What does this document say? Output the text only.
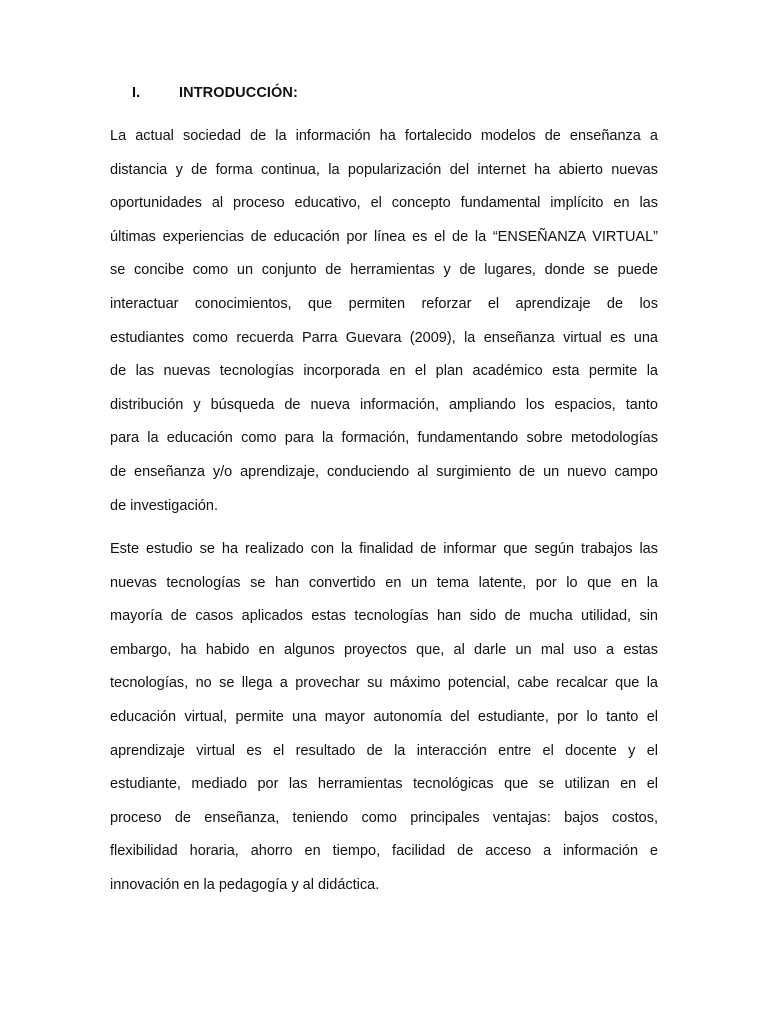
I.	INTRODUCCIÓN:
La actual sociedad de la información ha fortalecido modelos de enseñanza a
distancia y de forma continua, la popularización del internet ha abierto nuevas
oportunidades al proceso educativo, el concepto fundamental implícito en las
últimas experiencias de educación por línea es el de la “ENSEÑANZA VIRTUAL”
se concibe como un conjunto de herramientas y de lugares, donde se puede
interactuar conocimientos, que permiten reforzar el aprendizaje de los
estudiantes como recuerda Parra Guevara (2009), la enseñanza virtual es una
de las nuevas tecnologías incorporada en el plan académico esta permite la
distribución y búsqueda de nueva información, ampliando los espacios, tanto
para la educación como para la formación, fundamentando sobre metodologías
de enseñanza y/o aprendizaje, conduciendo al surgimiento de un nuevo campo
de investigación.
Este estudio se ha realizado con la finalidad de informar que según trabajos las
nuevas tecnologías se han convertido en un tema latente, por lo que en la
mayoría de casos aplicados estas tecnologías han sido de mucha utilidad, sin
embargo, ha habido en algunos proyectos que, al darle un mal uso a estas
tecnologías, no se llega a provechar su máximo potencial, cabe recalcar que la
educación virtual, permite una mayor autonomía del estudiante, por lo tanto el
aprendizaje virtual es el resultado de la interacción entre el docente y el
estudiante, mediado por las herramientas tecnológicas que se utilizan en el
proceso de enseñanza, teniendo como principales ventajas: bajos costos,
flexibilidad horaria, ahorro en tiempo, facilidad de acceso a información e
innovación en la pedagogía y al didáctica.
